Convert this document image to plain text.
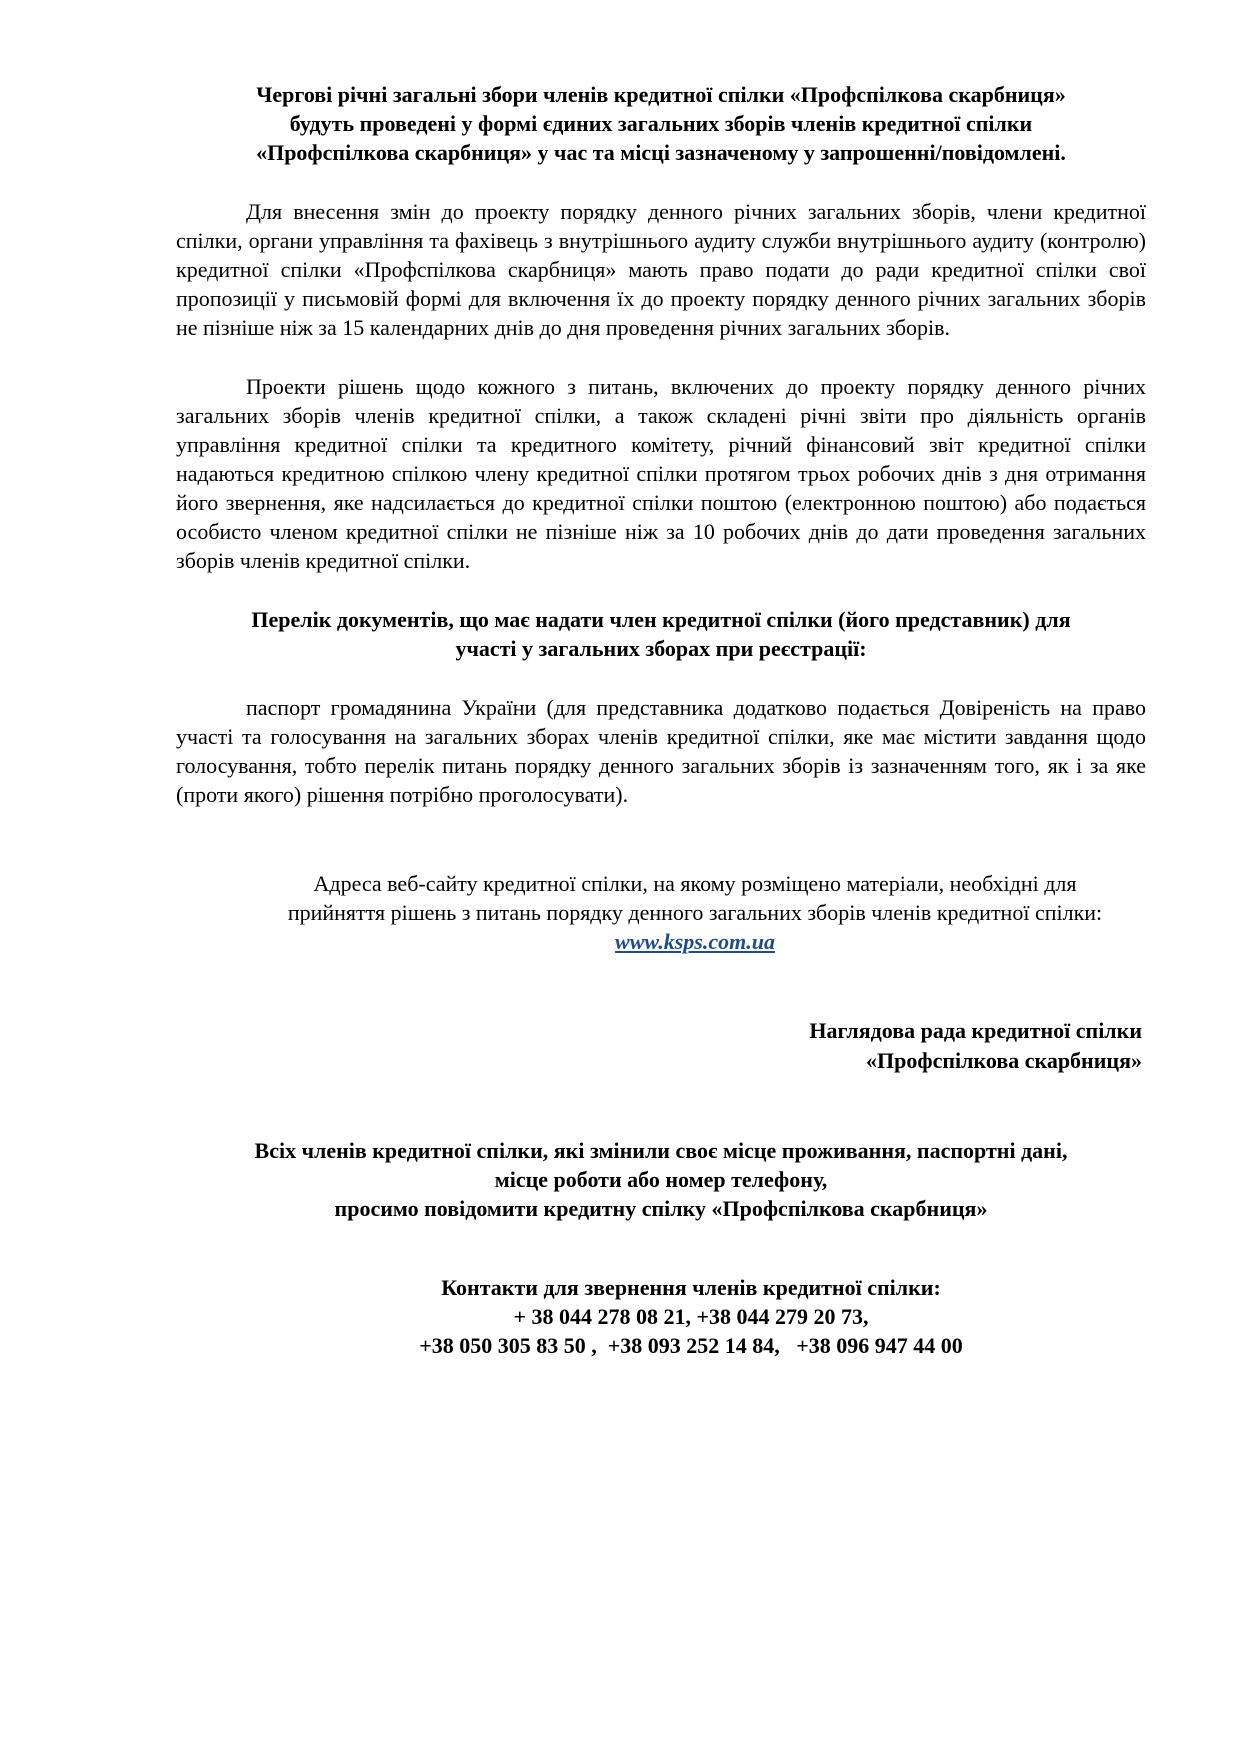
Чергові річні загальні збори членів кредитної спілки «Профспілкова скарбниця»
будуть проведені у формі єдиних загальних зборів членів кредитної спілки
«Профспілкова скарбниця» у час та місці зазначеному у запрошенні/повідомлені.

Для внесення змін до проекту порядку денного річних загальних зборів, члени кредитної спілки, органи управління та фахівець з внутрішнього аудиту служби внутрішнього аудиту (контролю) кредитної спілки «Профспілкова скарбниця» мають право подати до ради кредитної спілки свої пропозиції у письмовій формі для включення їх до проекту порядку денного річних загальних зборів не пізніше ніж за 15 календарних днів до дня проведення річних загальних зборів.

Проекти рішень щодо кожного з питань, включених до проекту порядку денного річних загальних зборів членів кредитної спілки, а також складені річні звіти про діяльність органів управління кредитної спілки та кредитного комітету, річний фінансовий звіт кредитної спілки надаються кредитною спілкою члену кредитної спілки протягом трьох робочих днів з дня отримання його звернення, яке надсилається до кредитної спілки поштою (електронною поштою) або подається особисто членом кредитної спілки не пізніше ніж за 10 робочих днів до дати проведення загальних зборів членів кредитної спілки.

Перелік документів, що має надати член кредитної спілки (його представник) для
участі у загальних зборах при реєстрації:

паспорт громадянина України (для представника додатково подається Довіреність на право участі та голосування на загальних зборах членів кредитної спілки, яке має містити завдання щодо голосування, тобто перелік питань порядку денного загальних зборів із зазначенням того, як і за яке (проти якого) рішення потрібно проголосувати).

Адреса веб-сайту кредитної спілки, на якому розміщено матеріали, необхідні для
прийняття рішень з питань порядку денного загальних зборів членів кредитної спілки:
www.ksps.com.ua
Наглядова рада кредитної спілки
«Профспілкова скарбниця»
Всіх членів кредитної спілки, які змінили своє місце проживання, паспортні дані,
місце роботи або номер телефону,
просимо повідомити кредитну спілку «Профспілкова скарбниця»
Контакти для звернення членів кредитної спілки:
+ 38 044 278 08 21, +38 044 279 20 73,
+38 050 305 83 50 ,  +38 093 252 14 84,   +38 096 947 44 00
